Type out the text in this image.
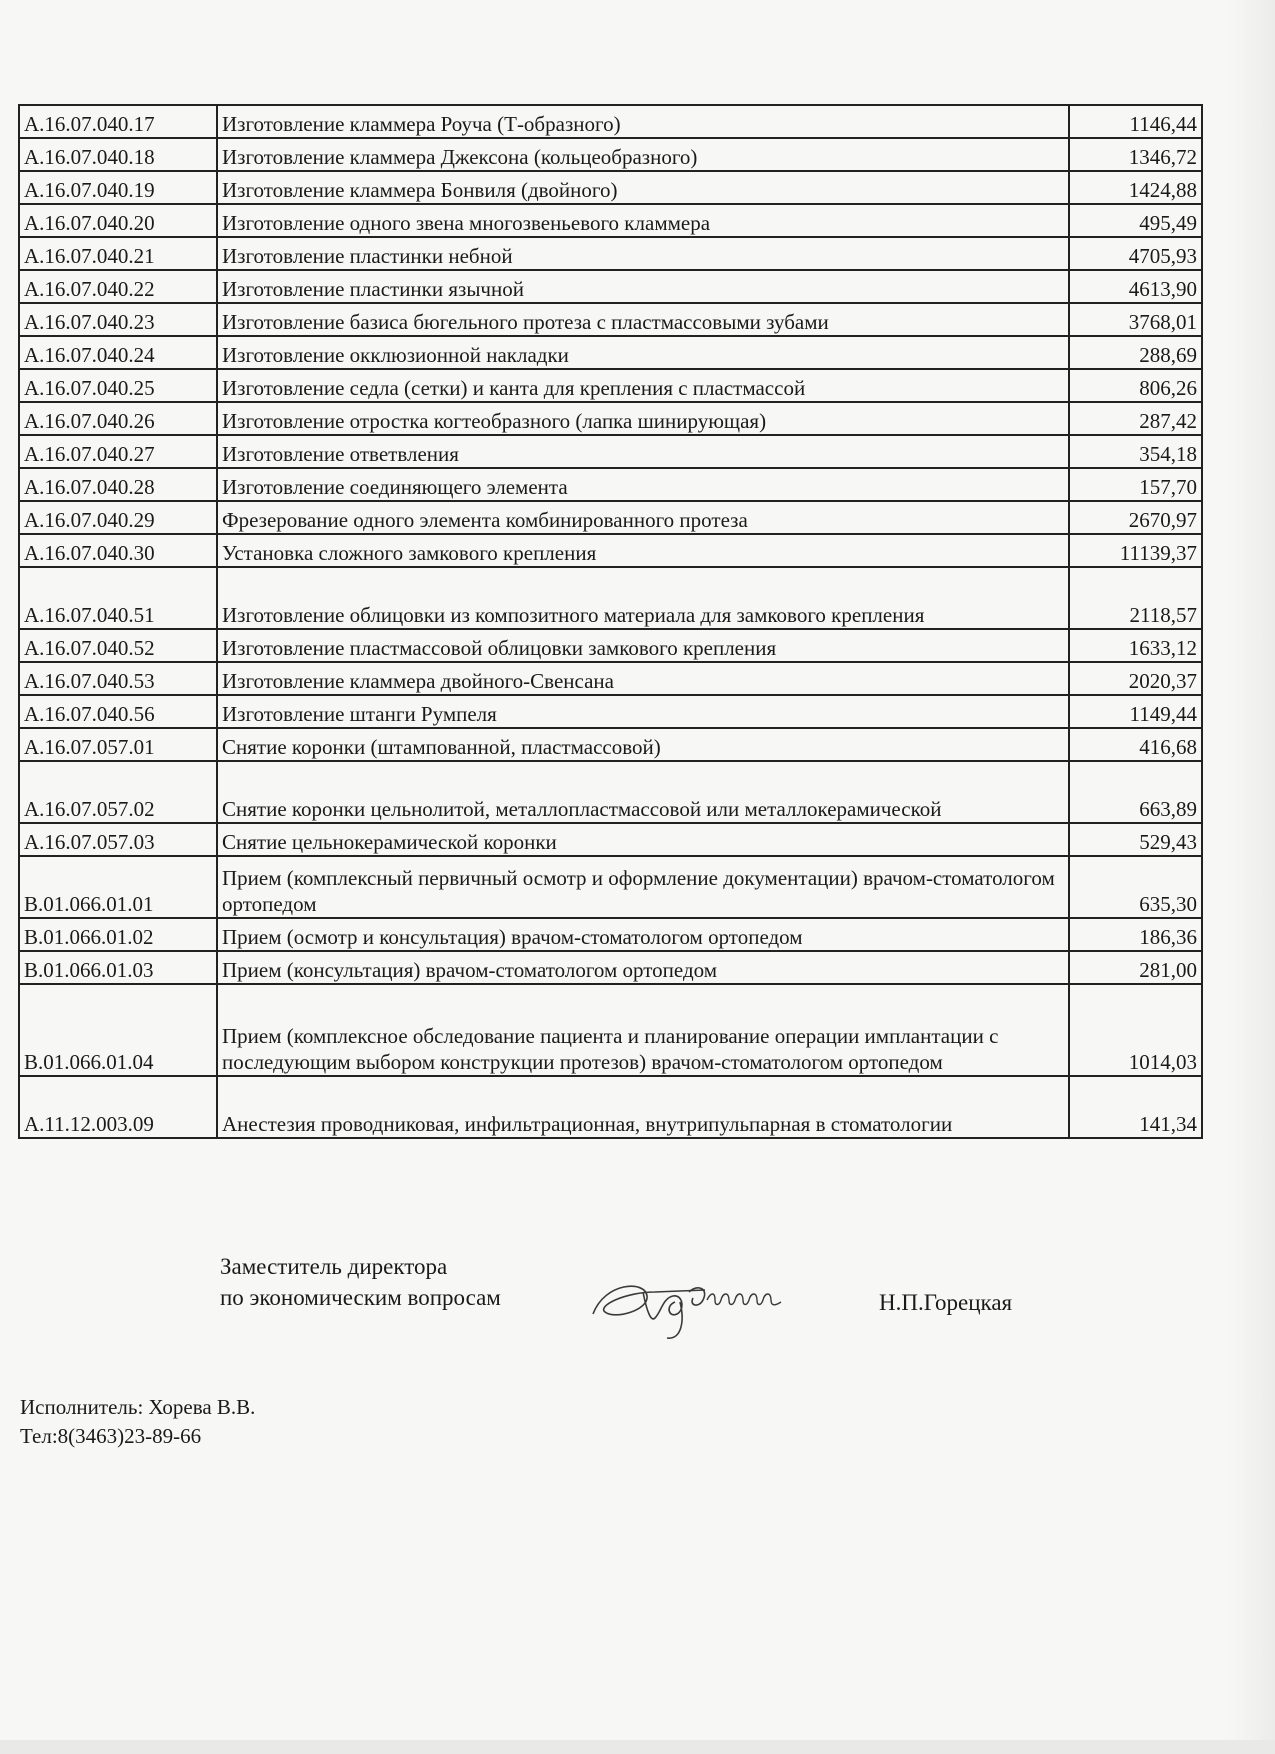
A.16.07.040.17	Изготовление кламмера Роуча (Т-образного)	1146,44
A.16.07.040.18	Изготовление кламмера Джексона (кольцеобразного)	1346,72
A.16.07.040.19	Изготовление кламмера Бонвиля (двойного)	1424,88
A.16.07.040.20	Изготовление одного звена многозвеньевого кламмера	495,49
A.16.07.040.21	Изготовление пластинки небной	4705,93
A.16.07.040.22	Изготовление пластинки язычной	4613,90
A.16.07.040.23	Изготовление базиса бюгельного протеза с пластмассовыми зубами	3768,01
A.16.07.040.24	Изготовление окклюзионной накладки	288,69
A.16.07.040.25	Изготовление седла (сетки) и канта для крепления с пластмассой	806,26
A.16.07.040.26	Изготовление отростка когтеобразного (лапка шинирующая)	287,42
A.16.07.040.27	Изготовление ответвления	354,18
A.16.07.040.28	Изготовление соединяющего элемента	157,70
A.16.07.040.29	Фрезерование одного элемента комбинированного протеза	2670,97
A.16.07.040.30	Установка сложного замкового крепления	11139,37
A.16.07.040.51	Изготовление облицовки из композитного материала для замкового крепления	2118,57
A.16.07.040.52	Изготовление пластмассовой облицовки замкового крепления	1633,12
A.16.07.040.53	Изготовление кламмера двойного-Свенсана	2020,37
A.16.07.040.56	Изготовление штанги Румпеля	1149,44
A.16.07.057.01	Снятие коронки (штампованной, пластмассовой)	416,68
A.16.07.057.02	Снятие коронки цельнолитой, металлопластмассовой или металлокерамической	663,89
A.16.07.057.03	Снятие цельнокерамической коронки	529,43
B.01.066.01.01	Прием (комплексный первичный осмотр и оформление документации) врачом-стоматологом ортопедом	635,30
B.01.066.01.02	Прием (осмотр и консультация) врачом-стоматологом ортопедом	186,36
B.01.066.01.03	Прием (консультация) врачом-стоматологом ортопедом	281,00
B.01.066.01.04	Прием (комплексное обследование пациента и планирование операции имплантации с последующим выбором конструкции протезов) врачом-стоматологом ортопедом	1014,03
A.11.12.003.09	Анестезия проводниковая, инфильтрационная, внутрипульпарная в стоматологии	141,34
Заместитель директора
по экономическим вопросам	Н.П.Горецкая
Исполнитель: Хорева В.В.
Тел:8(3463)23-89-66
